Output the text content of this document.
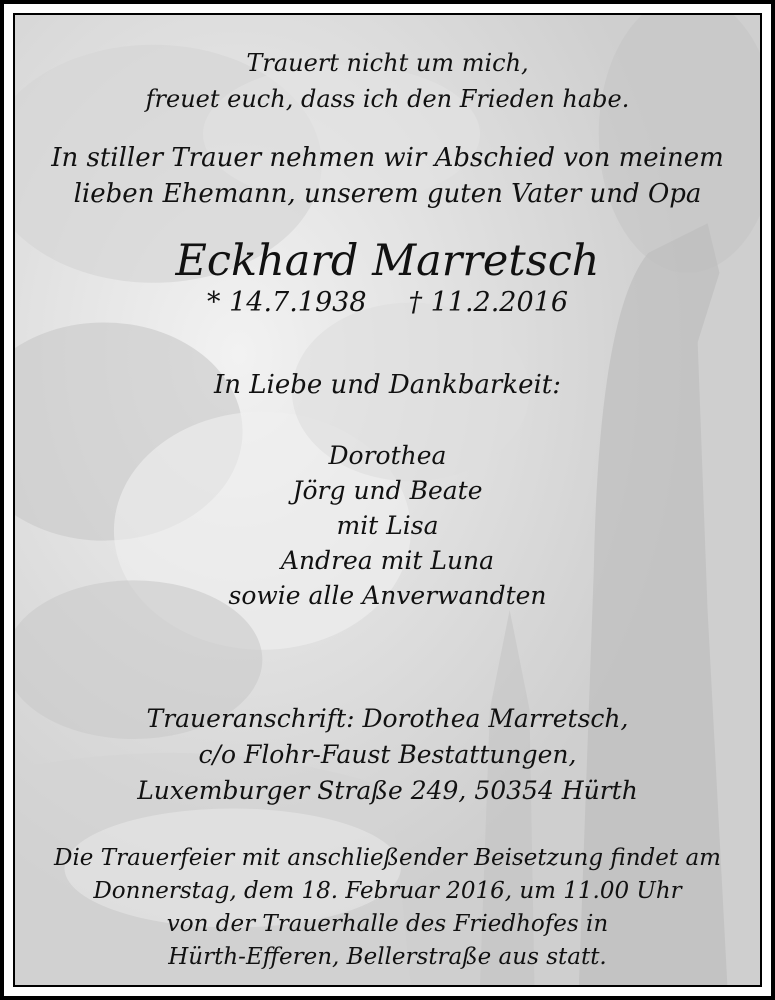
Trauert nicht um mich,
freuet euch, dass ich den Frieden habe.
In stiller Trauer nehmen wir Abschied von meinem
lieben Ehemann, unserem guten Vater und Opa
Eckhard Marretsch
* 14.7.1938 † 11.2.2016
In Liebe und Dankbarkeit:
Dorothea
Jörg und Beate
mit Lisa
Andrea mit Luna
sowie alle Anverwandten
Traueranschrift: Dorothea Marretsch,
c/o Flohr-Faust Bestattungen,
Luxemburger Straße 249, 50354 Hürth
Die Trauerfeier mit anschließender Beisetzung findet am
Donnerstag, dem 18. Februar 2016, um 11.00 Uhr
von der Trauerhalle des Friedhofes in
Hürth-Efferen, Bellerstraße aus statt.
